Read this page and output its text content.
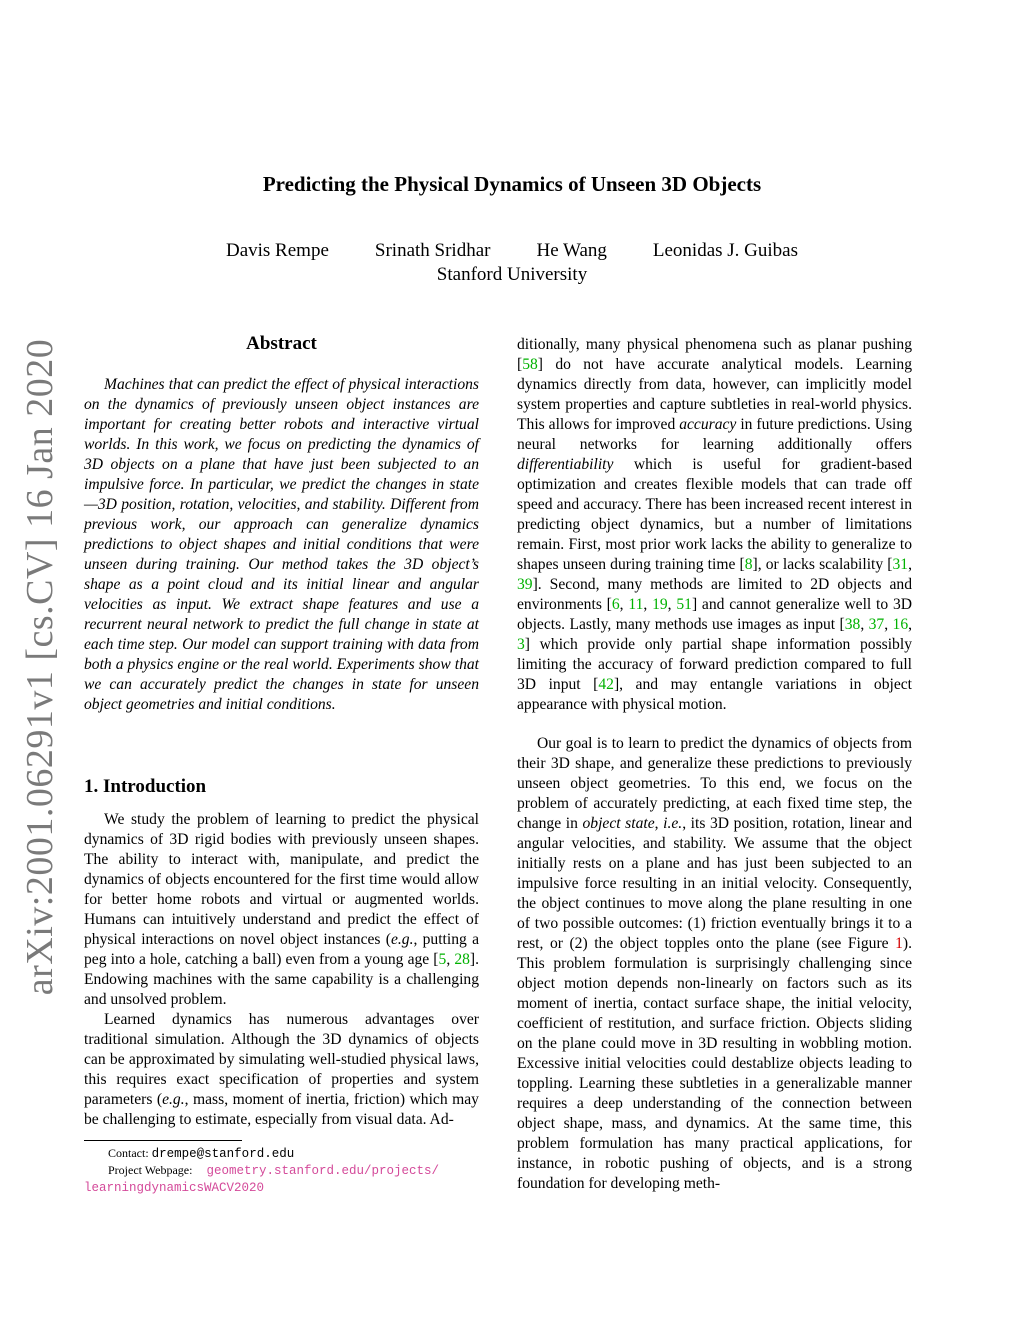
arXiv:2001.06291v1 [cs.CV] 16 Jan 2020
Predicting the Physical Dynamics of Unseen 3D Objects
Davis Rempe Srinath Sridhar He Wang Leonidas J. Guibas
Stanford University
Abstract
Machines that can predict the effect of physical interactions on the dynamics of previously unseen object instances are important for creating better robots and interactive virtual worlds. In this work, we focus on predicting the dynamics of 3D objects on a plane that have just been subjected to an impulsive force. In particular, we predict the changes in state—3D position, rotation, velocities, and stability. Different from previous work, our approach can generalize dynamics predictions to object shapes and initial conditions that were unseen during training. Our method takes the 3D object’s shape as a point cloud and its initial linear and angular velocities as input. We extract shape features and use a recurrent neural network to predict the full change in state at each time step. Our model can support training with data from both a physics engine or the real world. Experiments show that we can accurately predict the changes in state for unseen object geometries and initial conditions.
1. Introduction

We study the problem of learning to predict the physical dynamics of 3D rigid bodies with previously unseen shapes. The ability to interact with, manipulate, and predict the dynamics of objects encountered for the first time would allow for better home robots and virtual or augmented worlds. Humans can intuitively understand and predict the effect of physical interactions on novel object instances (e.g., putting a peg into a hole, catching a ball) even from a young age [5, 28]. Endowing machines with the same capability is a challenging and unsolved problem.

Learned dynamics has numerous advantages over traditional simulation. Although the 3D dynamics of objects can be approximated by simulating well-studied physical laws, this requires exact specification of properties and system parameters (e.g., mass, moment of inertia, friction) which may be challenging to estimate, especially from visual data. Ad-

ditionally, many physical phenomena such as planar pushing [58] do not have accurate analytical models. Learning dynamics directly from data, however, can implicitly model system properties and capture subtleties in real-world physics. This allows for improved accuracy in future predictions. Using neural networks for learning additionally offers differentiability which is useful for gradient-based optimization and creates flexible models that can trade off speed and accuracy. There has been increased recent interest in predicting object dynamics, but a number of limitations remain. First, most prior work lacks the ability to generalize to shapes unseen during training time [8], or lacks scalability [31, 39]. Second, many methods are limited to 2D objects and environments [6, 11, 19, 51] and cannot generalize well to 3D objects. Lastly, many methods use images as input [38, 37, 16, 3] which provide only partial shape information possibly limiting the accuracy of forward prediction compared to full 3D input [42], and may entangle variations in object appearance with physical motion.

Our goal is to learn to predict the dynamics of objects from their 3D shape, and generalize these predictions to previously unseen object geometries. To this end, we focus on the problem of accurately predicting, at each fixed time step, the change in object state, i.e., its 3D position, rotation, linear and angular velocities, and stability. We assume that the object initially rests on a plane and has just been subjected to an impulsive force resulting in an initial velocity. Consequently, the object continues to move along the plane resulting in one of two possible outcomes: (1) friction eventually brings it to a rest, or (2) the object topples onto the plane (see Figure 1). This problem formulation is surprisingly challenging since object motion depends non-linearly on factors such as its moment of inertia, contact surface shape, the initial velocity, coefficient of restitution, and surface friction. Objects sliding on the plane could move in 3D resulting in wobbling motion. Excessive initial velocities could destablize objects leading to toppling. Learning these subtleties in a generalizable manner requires a deep understanding of the connection between object shape, mass, and dynamics. At the same time, this problem formulation has many practical applications, for instance, in robotic pushing of objects, and is a strong foundation for developing meth-

Contact: drempe@stanford.edu
Project Webpage: geometry.stanford.edu/projects/
learningdynamicsWACV2020
